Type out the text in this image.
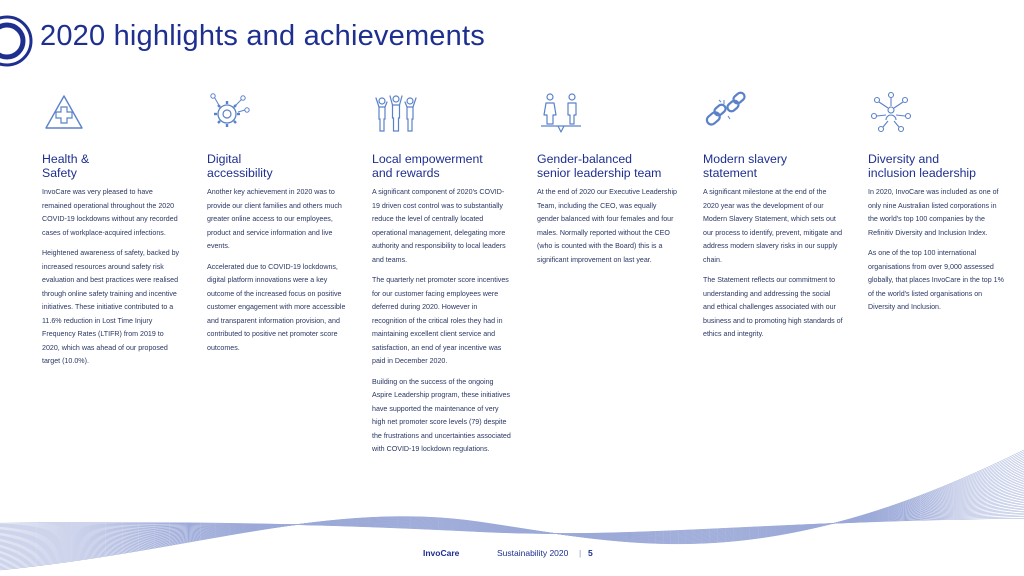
2020 highlights and achievements
Health &
Safety

InvoCare was very pleased to have remained operational throughout the 2020 COVID-19 lockdowns without any recorded cases of workplace-acquired infections.

Heightened awareness of safety, backed by increased resources around safety risk evaluation and best practices were realised through online safety training and incentive initiatives. These initiative contributed to a 11.6% reduction in Lost Time Injury Frequency Rates (LTIFR) from 2019 to 2020, which was ahead of our proposed target (10.0%).

Digital
accessibility

Another key achievement in 2020 was to provide our client families and others much greater online access to our employees, product and service information and live events.

Accelerated due to COVID-19 lockdowns, digital platform innovations were a key outcome of the increased focus on positive customer engagement with more accessible and transparent information provision, and contributed to positive net promoter score outcomes.

Local empowerment
and rewards

A significant component of 2020's COVID-19 driven cost control was to substantially reduce the level of centrally located operational management, delegating more authority and responsibility to local leaders and teams.

The quarterly net promoter score incentives for our customer facing employees were deferred during 2020. However in recognition of the critical roles they had in maintaining excellent client service and satisfaction, an end of year incentive was paid in December 2020.

Building on the success of the ongoing Aspire Leadership program, these initiatives have supported the maintenance of very high net promoter score levels (79) despite the frustrations and uncertainties associated with COVID-19 lockdown regulations.

Gender-balanced
senior leadership team

At the end of 2020 our Executive Leadership Team, including the CEO, was equally gender balanced with four females and four males. Normally reported without the CEO (who is counted with the Board) this is a significant improvement on last year.

Modern slavery
statement

A significant milestone at the end of the 2020 year was the development of our Modern Slavery Statement, which sets out our process to identify, prevent, mitigate and address modern slavery risks in our supply chain.

The Statement reflects our commitment to understanding and addressing the social and ethical challenges associated with our business and to promoting high standards of ethics and integrity.

Diversity and
inclusion leadership

In 2020, InvoCare was included as one of only nine Australian listed corporations in the world's top 100 companies by the Refinitiv Diversity and Inclusion Index.

As one of the top 100 international organisations from over 9,000 assessed globally, that places InvoCare in the top 1% of the world's listed organisations on Diversity and Inclusion.

InvoCare	Sustainability 2020 | 5
